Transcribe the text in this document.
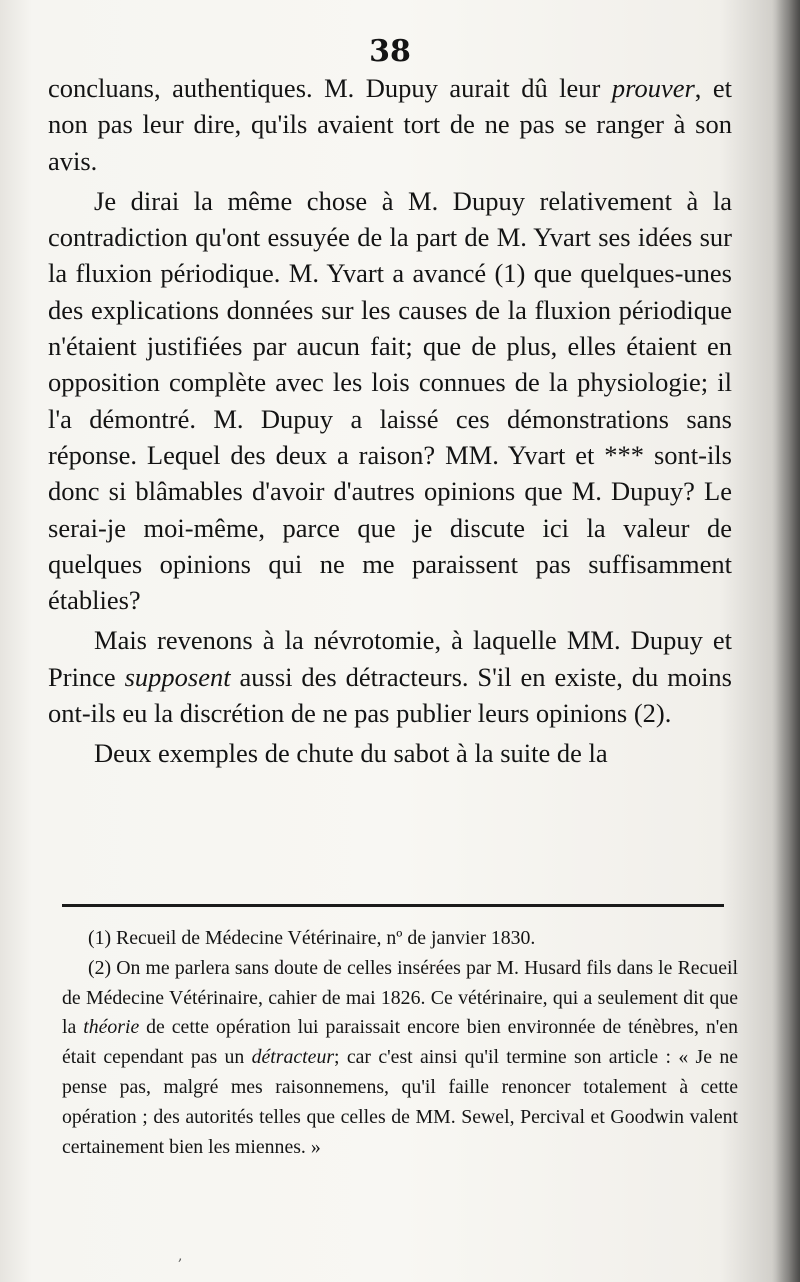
38

concluans, authentiques. M. Dupuy aurait dû leur prouver, et non pas leur dire, qu'ils avaient tort de ne pas se ranger à son avis.

Je dirai la même chose à M. Dupuy relativement à la contradiction qu'ont essuyée de la part de M. Yvart ses idées sur la fluxion périodique. M. Yvart a avancé (1) que quelques-unes des explications données sur les causes de la fluxion périodique n'étaient justifiées par aucun fait; que de plus, elles étaient en opposition complète avec les lois connues de la physiologie; il l'a démontré. M. Dupuy a laissé ces démonstrations sans réponse. Lequel des deux a raison? MM. Yvart et *** sont-ils donc si blâmables d'avoir d'autres opinions que M. Dupuy? Le serai-je moi-même, parce que je discute ici la valeur de quelques opinions qui ne me paraissent pas suffisamment établies?

Mais revenons à la névrotomie, à laquelle MM. Dupuy et Prince supposent aussi des détracteurs. S'il en existe, du moins ont-ils eu la discrétion de ne pas publier leurs opinions (2).

Deux exemples de chute du sabot à la suite de la

(1) Recueil de Médecine Vétérinaire, nº de janvier 1830.

(2) On me parlera sans doute de celles insérées par M. Husard fils dans le Recueil de Médecine Vétérinaire, cahier de mai 1826. Ce vétérinaire, qui a seulement dit que la théorie de cette opération lui paraissait encore bien environnée de ténèbres, n'en était cependant pas un détracteur; car c'est ainsi qu'il termine son article : « Je ne pense pas, malgré mes raisonnemens, qu'il faille renoncer totalement à cette opération ; des autorités telles que celles de MM. Sewel, Percival et Goodwin valent certainement bien les miennes. »

,
